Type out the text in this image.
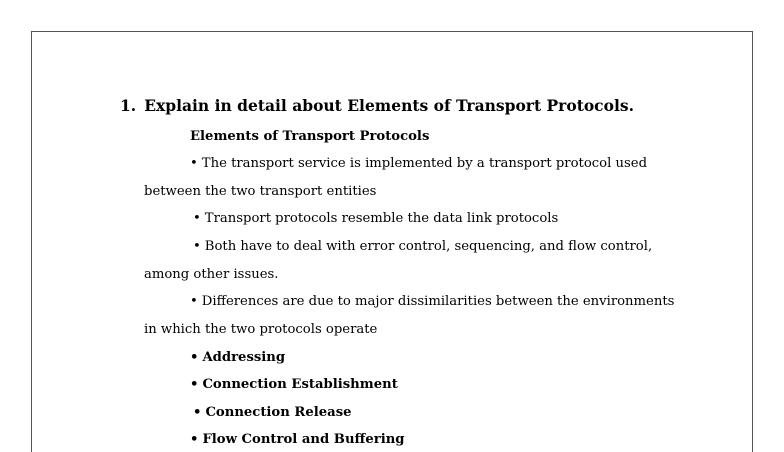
1. Explain in detail about Elements of Transport Protocols.
Elements of Transport Protocols
• The transport service is implemented by a transport protocol used
between the two transport entities
• Transport protocols resemble the data link protocols
• Both have to deal with error control, sequencing, and flow control,
among other issues.
• Differences are due to major dissimilarities between the environments
in which the two protocols operate
• Addressing
• Connection Establishment
• Connection Release
• Flow Control and Buffering
